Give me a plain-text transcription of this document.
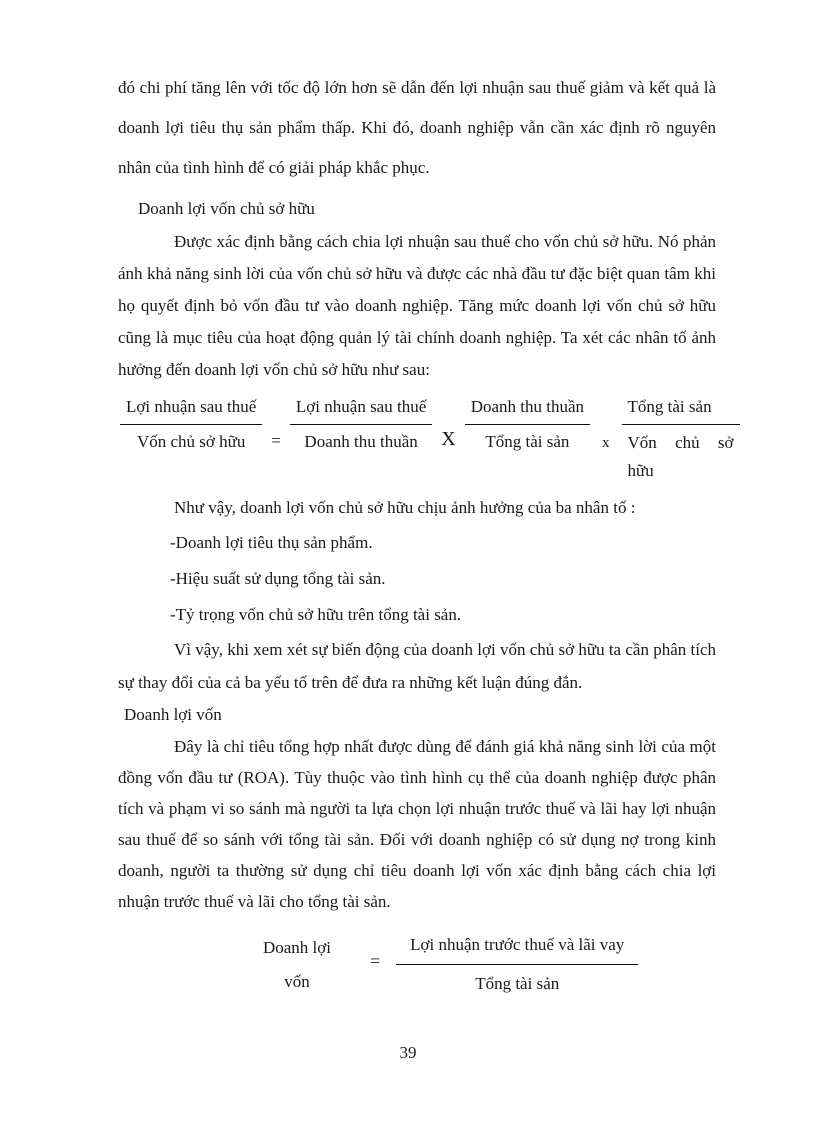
đó chi phí tăng lên với tốc độ lớn hơn sẽ dẫn đến lợi nhuận sau thuế giảm và kết quả là doanh lợi tiêu thụ sản phẩm thấp. Khi đó, doanh nghiệp vẫn cần xác định rõ nguyên nhân của tình hình để có giải pháp khắc phục.

Doanh lợi vốn chủ sở hữu

Được xác định bằng cách chia lợi nhuận sau thuế cho vốn chủ sở hữu. Nó phản ánh khả năng sinh lời của vốn chủ sở hữu và được các nhà đầu tư đặc biệt quan tâm khi họ quyết định bỏ vốn đầu tư vào doanh nghiệp. Tăng mức doanh lợi vốn chủ sở hữu cũng là mục tiêu của hoạt động quản lý tài chính doanh nghiệp. Ta xét các nhân tố ảnh hưởng đến doanh lợi vốn chủ sở hữu như sau:

$\frac{\text{Lợi nhuận sau thuế}}{\text{Vốn chủ sở hữu}} = \frac{\text{Lợi nhuận sau thuế}}{\text{Doanh thu thuần}}$ X $\frac{\text{Doanh thu thuần}}{\text{Tổng tài sản}}$ x $\frac{\text{Tổng tài sản}}{\text{Vốn chủ sở hữu}}$

Như vậy, doanh lợi vốn chủ sở hữu chịu ảnh hưởng của ba nhân tố :

-Doanh lợi tiêu thụ sản phẩm.

-Hiệu suất sử dụng tổng tài sản.

-Tỷ trọng vốn chủ sở hữu trên tổng tài sản.

Vì vậy, khi xem xét sự biến động của doanh lợi vốn chủ sở hữu ta cần phân tích sự thay đổi của cả ba yếu tố trên để đưa ra những kết luận đúng đắn.

Doanh lợi vốn

Đây là chỉ tiêu tổng hợp nhất được dùng để đánh giá khả năng sinh lời của một đồng vốn đầu tư (ROA). Tùy thuộc vào tình hình cụ thể của doanh nghiệp được phân tích và phạm vi so sánh mà người ta lựa chọn lợi nhuận trước thuế và lãi hay lợi nhuận sau thuế để so sánh với tổng tài sản. Đối với doanh nghiệp có sử dụng nợ trong kinh doanh, người ta thường sử dụng chỉ tiêu doanh lợi vốn xác định bằng cách chia lợi nhuận trước thuế và lãi cho tổng tài sản.

Doanh lợi
vốn
= $\frac{\text{Lợi nhuận trước thuế và lãi vay}}{\text{Tổng tài sản}}$
39
